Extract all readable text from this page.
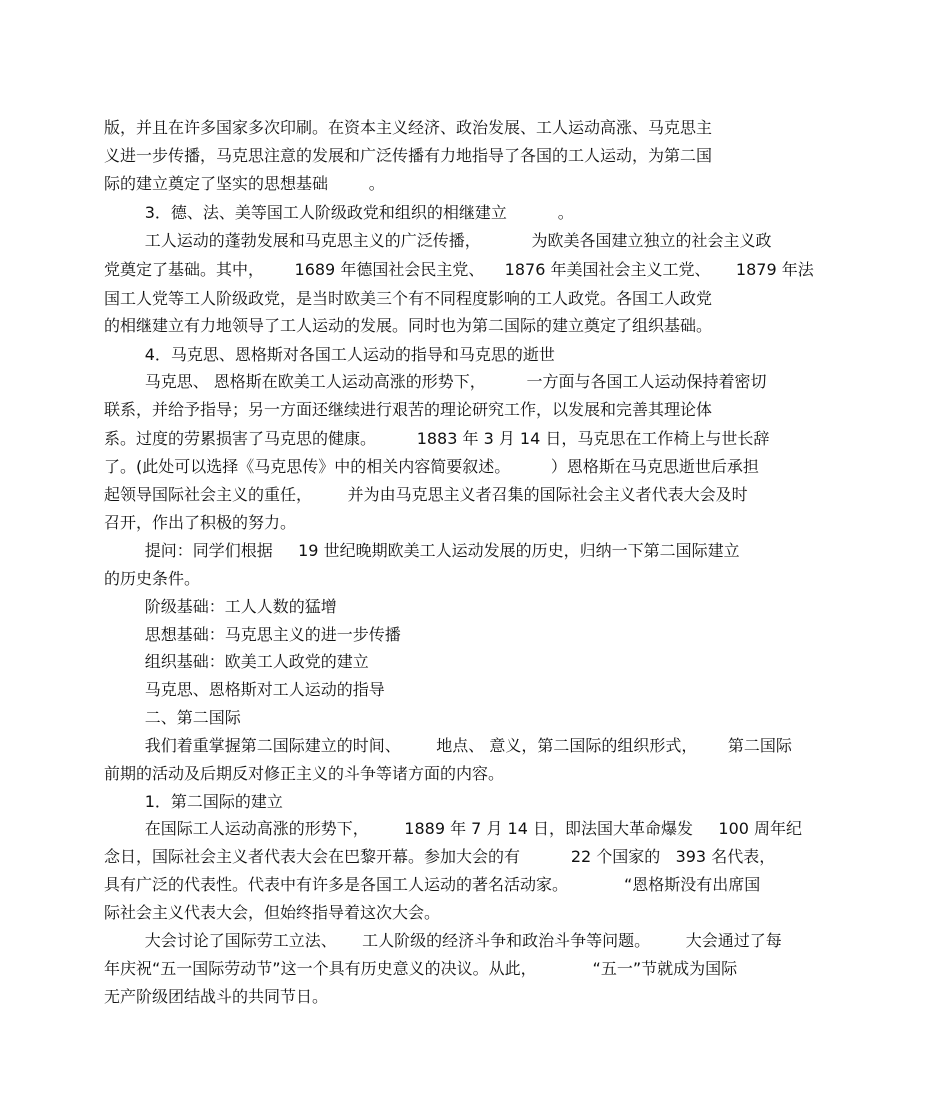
版，并且在许多国家多次印刷。在资本主义经济、政治发展、工人运动高涨、马克思主

义进一步传播，马克思注意的发展和广泛传播有力地指导了各国的工人运动，为第二国

际的建立奠定了坚实的思想基础        。

3．德、法、美等国工人阶级政党和组织的相继建立          。

工人运动的蓬勃发展和马克思主义的广泛传播，          为欧美各国建立独立的社会主义政

党奠定了基础。其中，      1689 年德国社会民主党、    1876 年美国社会主义工党、     1879 年法

国工人党等工人阶级政党，是当时欧美三个有不同程度影响的工人政党。各国工人政党

的相继建立有力地领导了工人运动的发展。同时也为第二国际的建立奠定了组织基础。

4．马克思、恩格斯对各国工人运动的指导和马克思的逝世

马克思、 恩格斯在欧美工人运动高涨的形势下，        一方面与各国工人运动保持着密切

联系，并给予指导；另一方面还继续进行艰苦的理论研究工作，以发展和完善其理论体

系。过度的劳累损害了马克思的健康。        1883 年 3 月 14 日，马克思在工作椅上与世长辞

了。(此处可以选择《马克思传》中的相关内容简要叙述。        ）恩格斯在马克思逝世后承担

起领导国际社会主义的重任，       并为由马克思主义者召集的国际社会主义者代表大会及时

召开，作出了积极的努力。

提问：同学们根据     19 世纪晚期欧美工人运动发展的历史，归纳一下第二国际建立

的历史条件。

阶级基础：工人人数的猛增

思想基础：马克思主义的进一步传播

组织基础：欧美工人政党的建立

马克思、恩格斯对工人运动的指导

二、第二国际

我们着重掌握第二国际建立的时间、       地点、 意义，第二国际的组织形式，      第二国际

前期的活动及后期反对修正主义的斗争等诸方面的内容。

1．第二国际的建立

在国际工人运动高涨的形势下，       1889 年 7 月 14 日，即法国大革命爆发     100 周年纪

念日，国际社会主义者代表大会在巴黎开幕。参加大会的有          22 个国家的   393 名代表，

具有广泛的代表性。代表中有许多是各国工人运动的著名活动家。           “恩格斯没有出席国

际社会主义代表大会，但始终指导着这次大会。

大会讨论了国际劳工立法、     工人阶级的经济斗争和政治斗争等问题。       大会通过了每

年庆祝“五一国际劳动节”这一个具有历史意义的决议。从此，           “五一”节就成为国际

无产阶级团结战斗的共同节日。
